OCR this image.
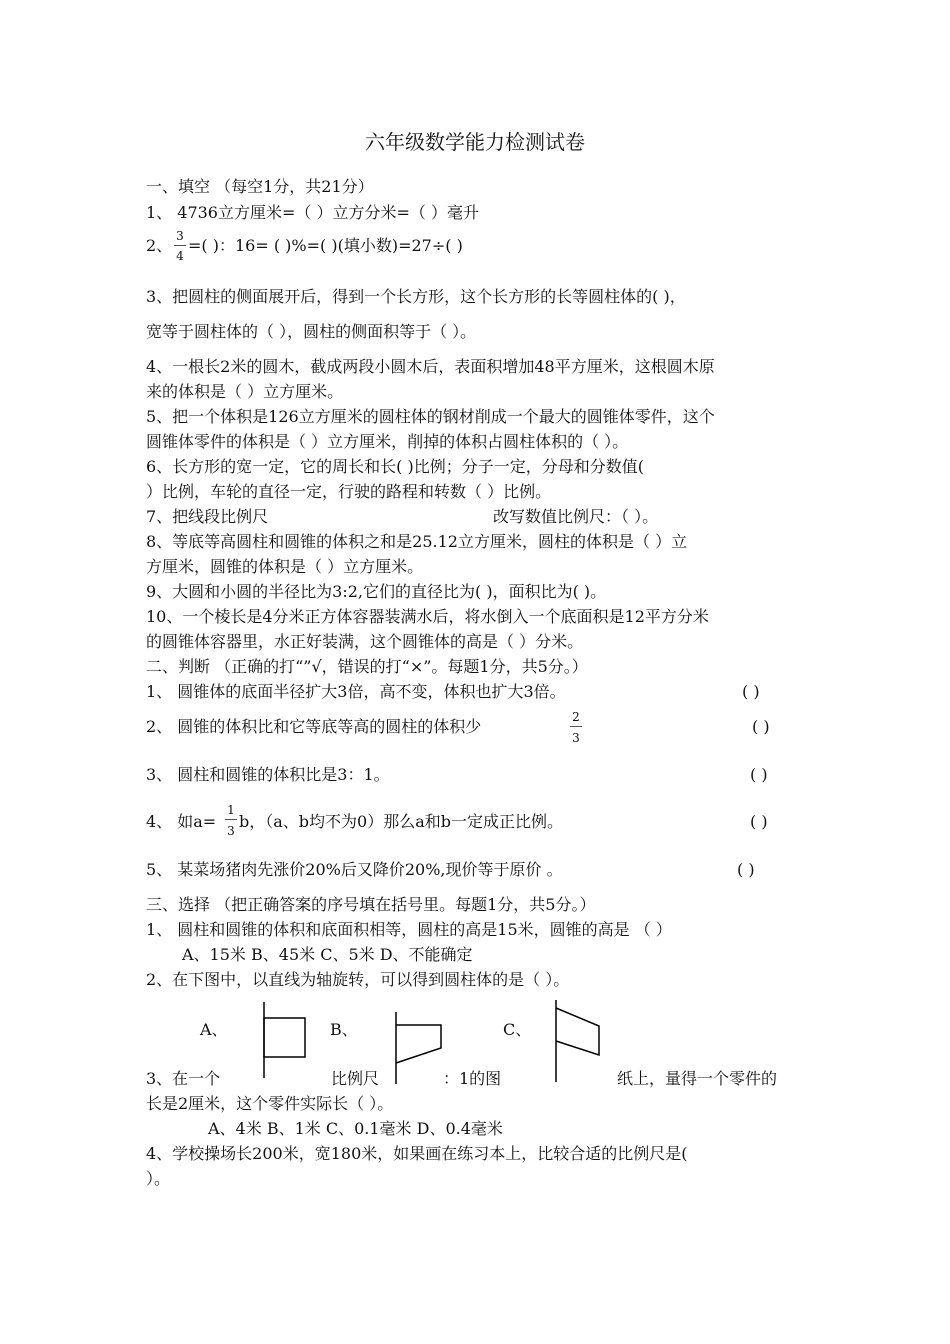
六年级数学能力检测试卷
一、填空 （每空1分，共21分）
1、 4736立方厘米=（ ）立方分米=（ ）毫升
2、 3
4
=( )：16= ( )%=( )(填小数)=27÷( )
3、把圆柱的侧面展开后，得到一个长方形，这个长方形的长等圆柱体的( )，
宽等于圆柱体的（ ），圆柱的侧面积等于（ ）。
4、一根长2米的圆木，截成两段小圆木后，表面积增加48平方厘米，这根圆木原
来的体积是（ ）立方厘米。
5、把一个体积是126立方厘米的圆柱体的钢材削成一个最大的圆锥体零件，这个
圆锥体零件的体积是（ ）立方厘米，削掉的体积占圆柱体积的（ ）。
6、长方形的宽一定，它的周长和长( )比例；分子一定，分母和分数值(
）比例，车轮的直径一定，行驶的路程和转数（ ）比例。
7、把线段比例尺	改写数值比例尺：（ ）。
8、等底等高圆柱和圆锥的体积之和是25.12立方厘米，圆柱的体积是（ ）立
方厘米，圆锥的体积是（ ）立方厘米。
9、大圆和小圆的半径比为3:2,它们的直径比为( )，面积比为( )。
10、一个棱长是4分米正方体容器装满水后，将水倒入一个底面积是12平方分米
的圆锥体容器里，水正好装满，这个圆锥体的高是（ ）分米。
二、判断 （正确的打“”√，错误的打“×”。每题1分，共5分。）
1、 圆锥体的底面半径扩大3倍，高不变，体积也扩大3倍。	( )
2、 圆锥的体积比和它等底等高的圆柱的体积少	2
3
( )
3、 圆柱和圆锥的体积比是3：1。	( )
4、 如a=
1
3 b，（a、b均不为0）那么a和b一定成正比例。	( )
5、 某菜场猪肉先涨价20%后又降价20%,现价等于原价 。	( )
三、选择 （把正确答案的序号填在括号里。每题1分，共5分。）
1、 圆柱和圆锥的体积和底面积相等，圆柱的高是15米，圆锥的高是 （ ）
A、15米 B、45米 C、5米 D、不能确定
2、在下图中，以直线为轴旋转，可以得到圆柱体的是（ ）。
A、	B、	C、
3、在一个	比例尺	：1的图	纸上，量得一个零件的
长是2厘米，这个零件实际长（ ）。
A、4米 B、1米 C、0.1毫米 D、0.4毫米
4、学校操场长200米，宽180米，如果画在练习本上，比较合适的比例尺是(
）。
